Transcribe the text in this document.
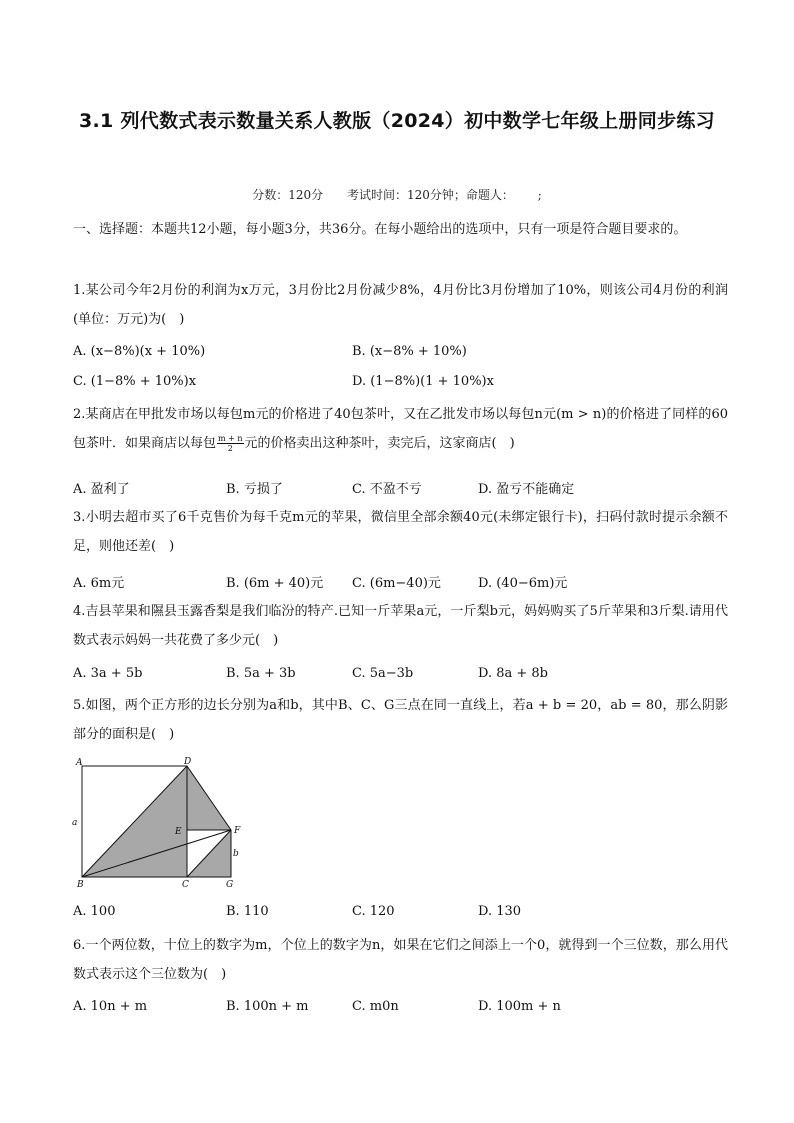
3.1 列代数式表示数量关系人教版（2024）初中数学七年级上册同步练习
分数：120分 考试时间：120分钟；命题人： ;
一、选择题：本题共12小题，每小题3分，共36分。在每小题给出的选项中，只有一项是符合题目要求的。
1.某公司今年2月份的利润为x万元，3月份比2月份减少8%，4月份比3月份增加了10%，则该公司4月份的利润(单位：万元)为(　)
A. (x−8%)(x + 10%)	B. (x−8% + 10%)
C. (1−8% + 10%)x	D. (1−8%)(1 + 10%)x
2.某商店在甲批发市场以每包m元的价格进了40包茶叶，又在乙批发市场以每包n元(m > n)的价格进了同样的60包茶叶．如果商店以每包 $\frac{m + n}{2}$ 元的价格卖出这种茶叶，卖完后，这家商店(　)
A. 盈利了	B. 亏损了	C. 不盈不亏	D. 盈亏不能确定
3.小明去超市买了6千克售价为每千克m元的苹果，微信里全部余额40元(未绑定银行卡)，扫码付款时提示余额不足，则他还差(　)
A. 6m元	B. (6m + 40)元 C. (6m−40)元	D. (40−6m)元
4.吉县苹果和隰县玉露香梨是我们临汾的特产.已知一斤苹果a元，一斤梨b元，妈妈购买了5斤苹果和3斤梨.请用代数式表示妈妈一共花费了多少元(　)
A. 3a + 5b	B. 5a + 3b	C. 5a−3b	D. 8a + 8b
5.如图，两个正方形的边长分别为a和b，其中B、C、G三点在同一直线上，若a + b = 20，ab = 80，那么阴影部分的面积是(　)
A	D
a
E	F
b
B	C	G
A. 100	B. 110	C. 120	D. 130
6.一个两位数，十位上的数字为m，个位上的数字为n，如果在它们之间添上一个0，就得到一个三位数，那么用代数式表示这个三位数为(　)
A. 10n + m	B. 100n + m	C. m0n	D. 100m + n
